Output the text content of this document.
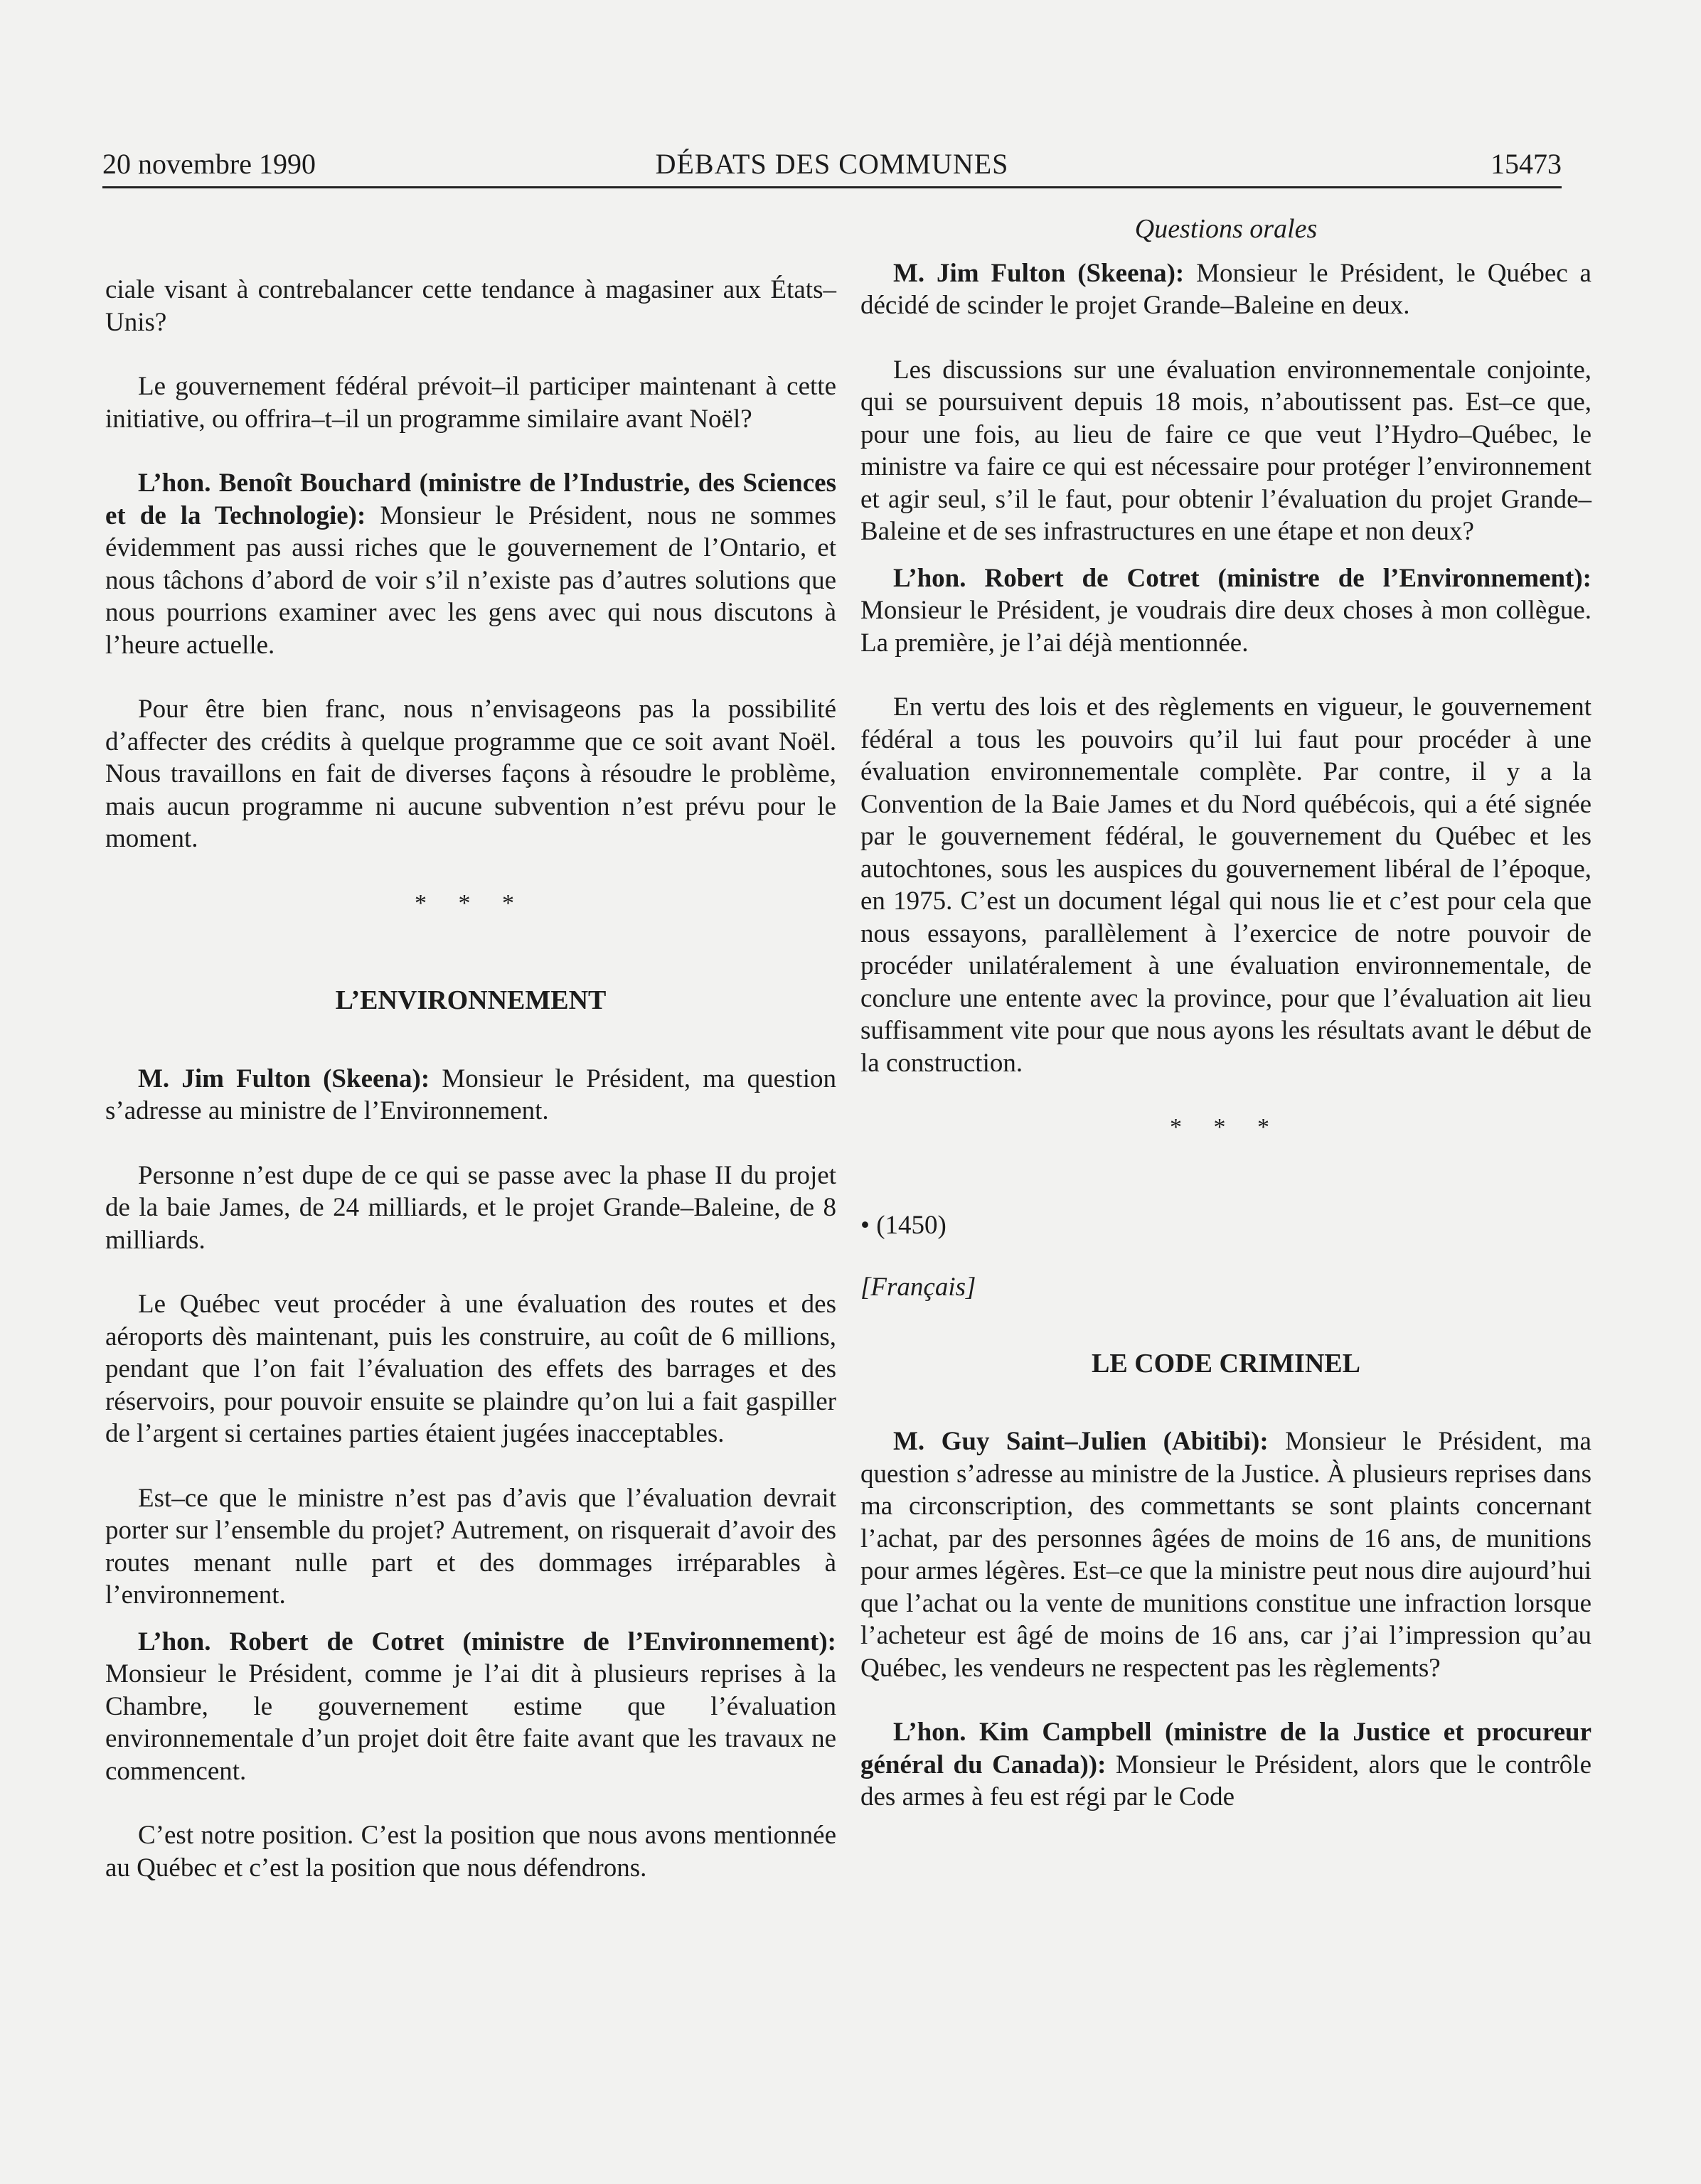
20 novembre 1990	DÉBATS DES COMMUNES	15473

ciale visant à contrebalancer cette tendance à magasiner aux États–Unis?

Le gouvernement fédéral prévoit–il participer maintenant à cette initiative, ou offrira–t–il un programme similaire avant Noël?

L’hon. Benoît Bouchard (ministre de l’Industrie, des Sciences et de la Technologie): Monsieur le Président, nous ne sommes évidemment pas aussi riches que le gouvernement de l’Ontario, et nous tâchons d’abord de voir s’il n’existe pas d’autres solutions que nous pourrions examiner avec les gens avec qui nous discutons à l’heure actuelle.

Pour être bien franc, nous n’envisageons pas la possibilité d’affecter des crédits à quelque programme que ce soit avant Noël. Nous travaillons en fait de diverses façons à résoudre le problème, mais aucun programme ni aucune subvention n’est prévu pour le moment.

* * *
L’ENVIRONNEMENT

M. Jim Fulton (Skeena): Monsieur le Président, ma question s’adresse au ministre de l’Environnement.

Personne n’est dupe de ce qui se passe avec la phase II du projet de la baie James, de 24 milliards, et le projet Grande–Baleine, de 8 milliards.

Le Québec veut procéder à une évaluation des routes et des aéroports dès maintenant, puis les construire, au coût de 6 millions, pendant que l’on fait l’évaluation des effets des barrages et des réservoirs, pour pouvoir ensuite se plaindre qu’on lui a fait gaspiller de l’argent si certaines parties étaient jugées inacceptables.

Est–ce que le ministre n’est pas d’avis que l’évaluation devrait porter sur l’ensemble du projet? Autrement, on risquerait d’avoir des routes menant nulle part et des dommages irréparables à l’environnement.

L’hon. Robert de Cotret (ministre de l’Environnement): Monsieur le Président, comme je l’ai dit à plusieurs reprises à la Chambre, le gouvernement estime que l’évaluation environnementale d’un projet doit être faite avant que les travaux ne commencent.

C’est notre position. C’est la position que nous avons mentionnée au Québec et c’est la position que nous défendrons.

Questions orales

M. Jim Fulton (Skeena): Monsieur le Président, le Québec a décidé de scinder le projet Grande–Baleine en deux.

Les discussions sur une évaluation environnementale conjointe, qui se poursuivent depuis 18 mois, n’aboutissent pas. Est–ce que, pour une fois, au lieu de faire ce que veut l’Hydro–Québec, le ministre va faire ce qui est nécessaire pour protéger l’environnement et agir seul, s’il le faut, pour obtenir l’évaluation du projet Grande–Baleine et de ses infrastructures en une étape et non deux?

L’hon. Robert de Cotret (ministre de l’Environnement): Monsieur le Président, je voudrais dire deux choses à mon collègue. La première, je l’ai déjà mentionnée.

En vertu des lois et des règlements en vigueur, le gouvernement fédéral a tous les pouvoirs qu’il lui faut pour procéder à une évaluation environnementale complète. Par contre, il y a la Convention de la Baie James et du Nord québécois, qui a été signée par le gouvernement fédéral, le gouvernement du Québec et les autochtones, sous les auspices du gouvernement libéral de l’époque, en 1975. C’est un document légal qui nous lie et c’est pour cela que nous essayons, parallèlement à l’exercice de notre pouvoir de procéder unilatéralement à une évaluation environnementale, de conclure une entente avec la province, pour que l’évaluation ait lieu suffisamment vite pour que nous ayons les résultats avant le début de la construction.

* * *
• (1450)
[Français]
LE CODE CRIMINEL

M. Guy Saint–Julien (Abitibi): Monsieur le Président, ma question s’adresse au ministre de la Justice. À plusieurs reprises dans ma circonscription, des commettants se sont plaints concernant l’achat, par des personnes âgées de moins de 16 ans, de munitions pour armes légères. Est–ce que la ministre peut nous dire aujourd’hui que l’achat ou la vente de munitions constitue une infraction lorsque l’acheteur est âgé de moins de 16 ans, car j’ai l’impression qu’au Québec, les vendeurs ne respectent pas les règlements?

L’hon. Kim Campbell (ministre de la Justice et procureur général du Canada)): Monsieur le Président, alors que le contrôle des armes à feu est régi par le Code
